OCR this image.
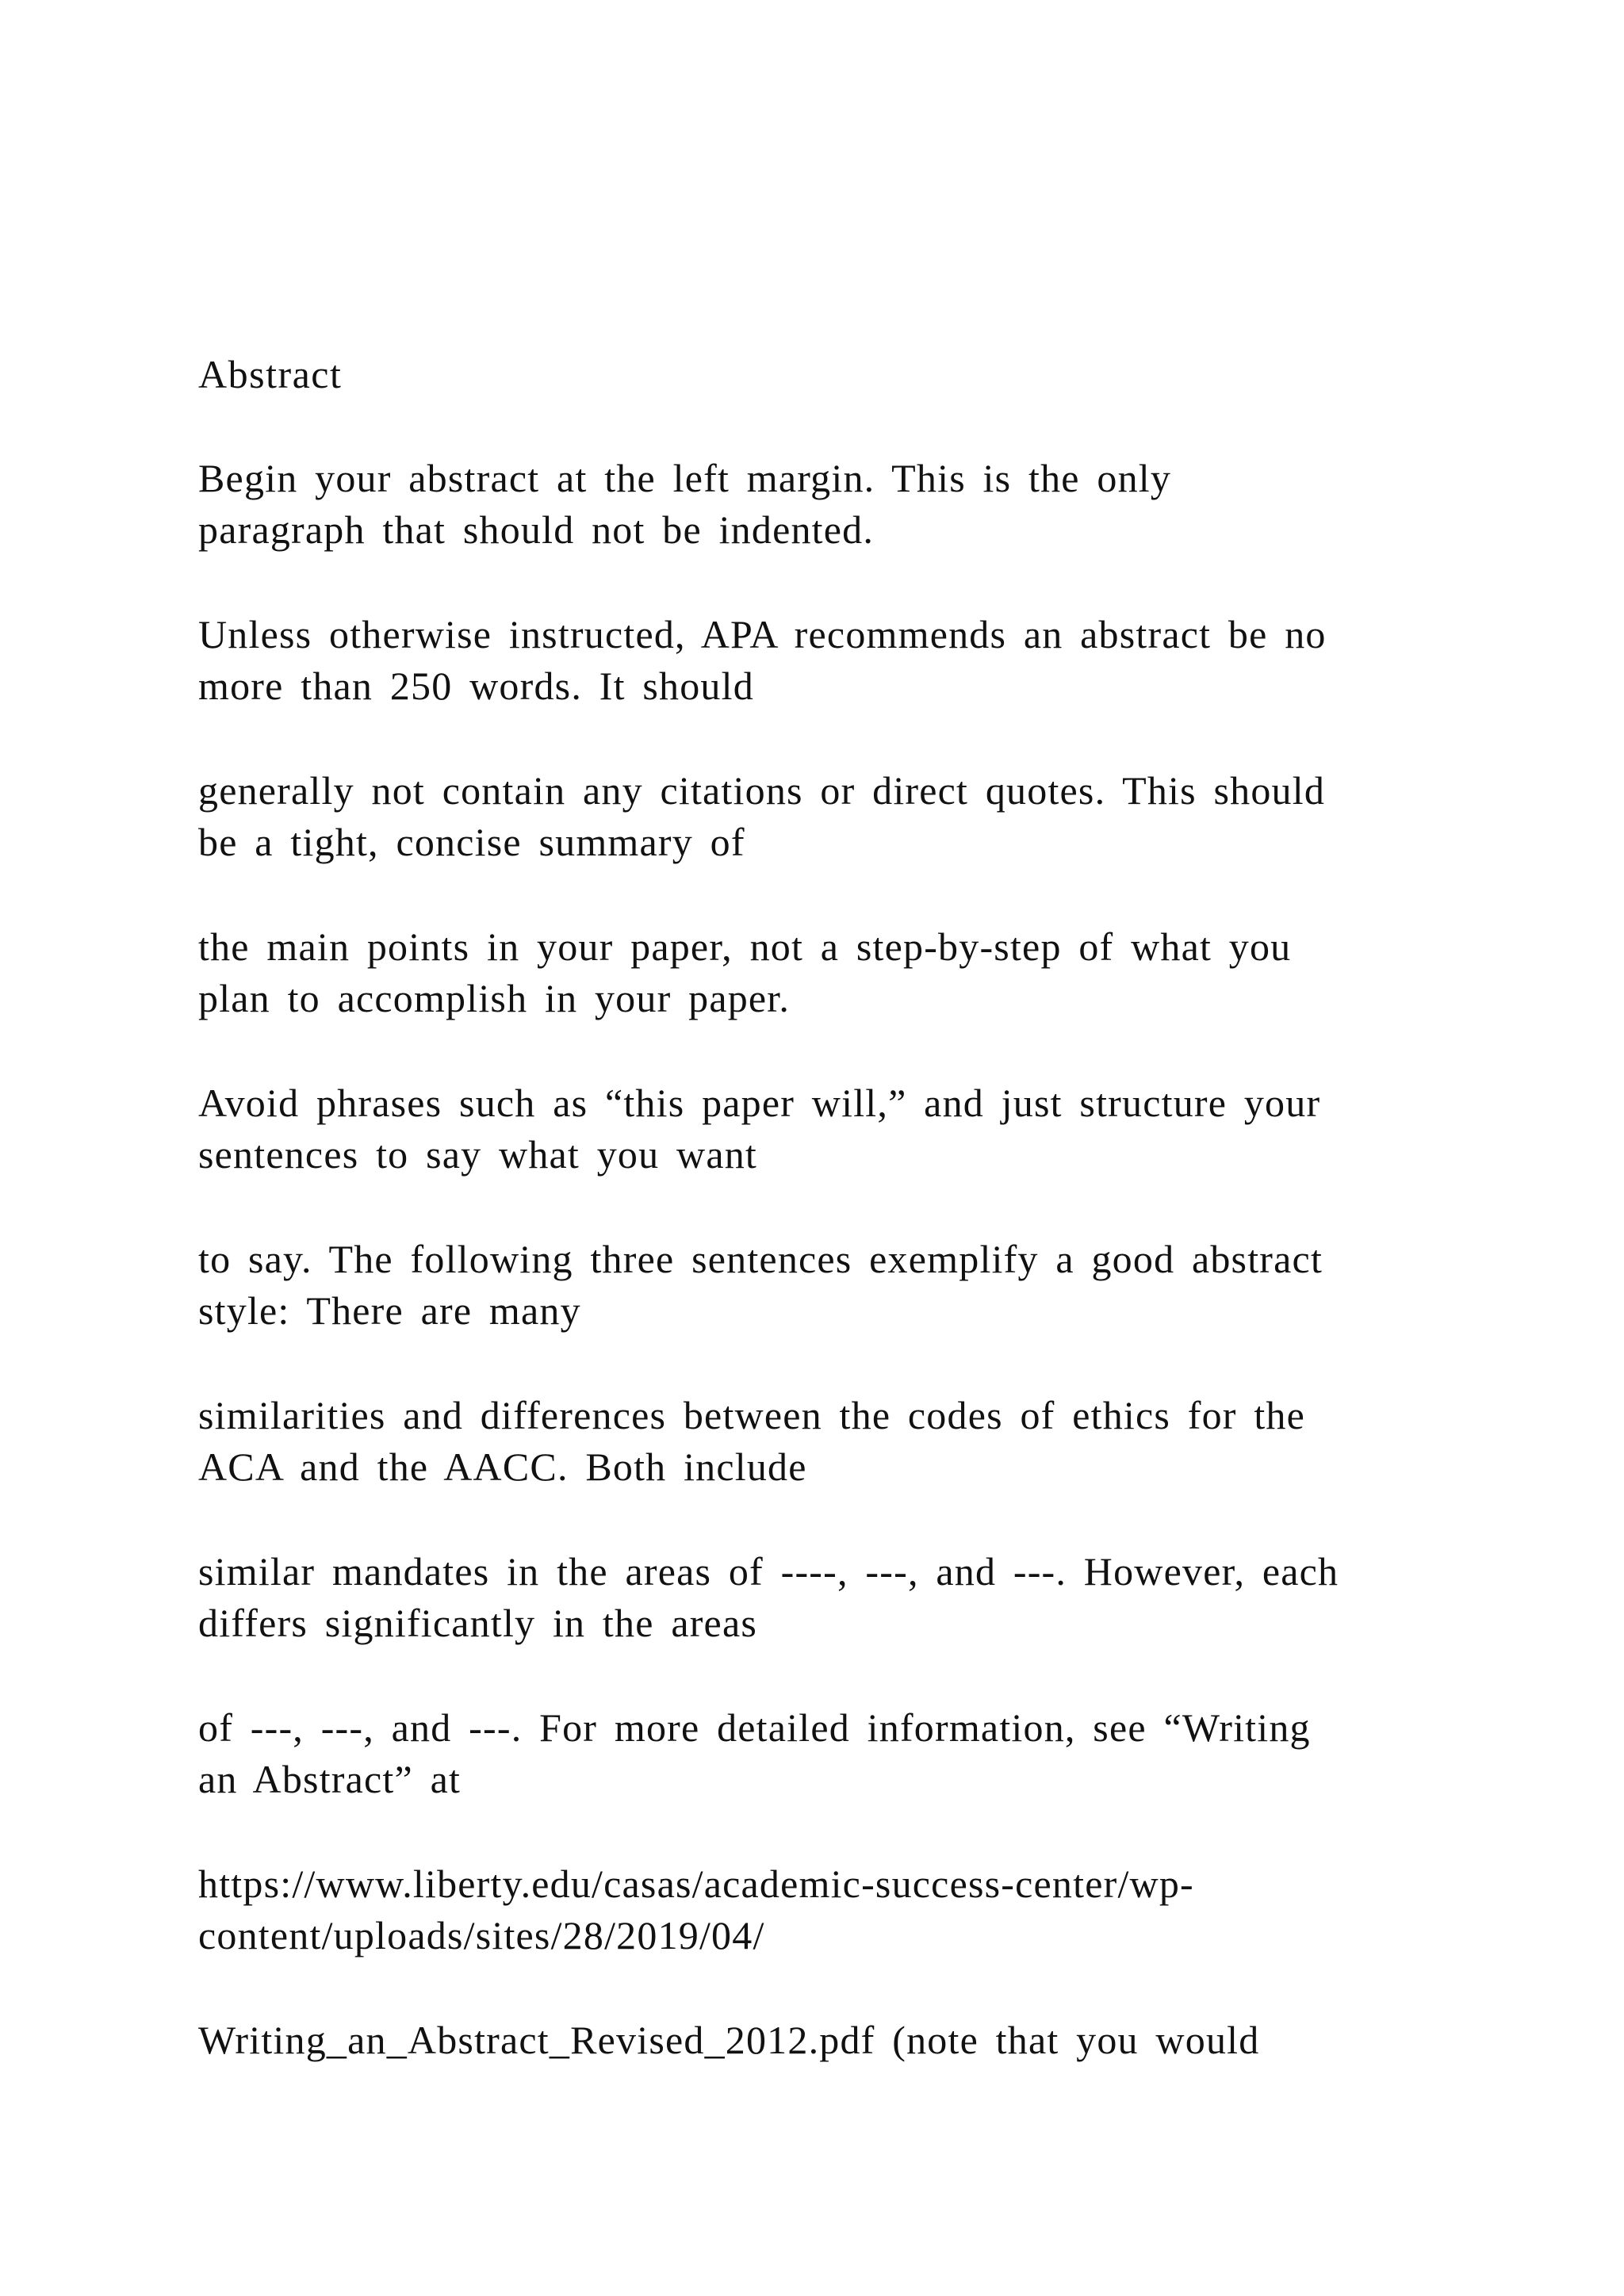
Abstract
Begin your abstract at the left margin. This is the only
paragraph that should not be indented.
Unless otherwise instructed, APA recommends an abstract be no
more than 250 words. It should
generally not contain any citations or direct quotes. This should
be a tight, concise summary of
the main points in your paper, not a step-by-step of what you
plan to accomplish in your paper.
Avoid phrases such as “this paper will,” and just structure your
sentences to say what you want
to say. The following three sentences exemplify a good abstract
style: There are many
similarities and differences between the codes of ethics for the
ACA and the AACC. Both include
similar mandates in the areas of ----, ---, and ---. However, each
differs significantly in the areas
of ---, ---, and ---. For more detailed information, see “Writing
an Abstract” at
https://www.liberty.edu/casas/academic-success-center/wp-
content/uploads/sites/28/2019/04/
Writing_an_Abstract_Revised_2012.pdf (note that you would
